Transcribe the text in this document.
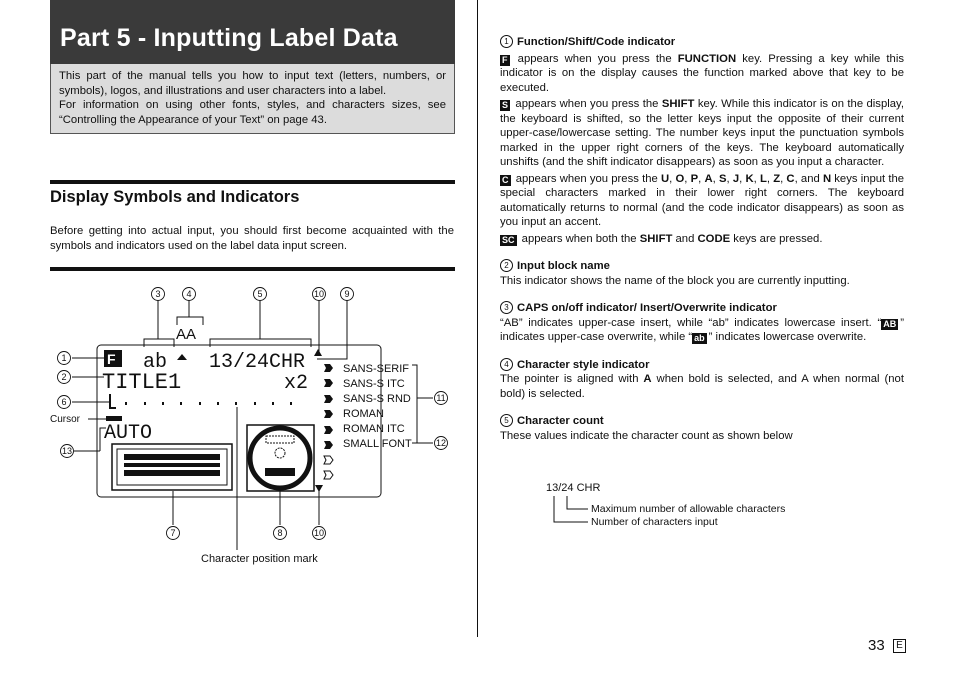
Part 5 - Inputting Label Data
This part of the manual tells you how to input text (letters, numbers, or symbols), logos, and illustrations and user characters into a label.
For information on using other fonts, styles, and characters sizes, see “Controlling the Appearance of your Text” on page 43.
Display Symbols and Indicators
Before getting into actual input, you should first become acquainted with the symbols and indicators used on the label data input screen.
F ab 13/24CHR
TITLE1	x2
AUTO
SANS-SERIF
SANS-S ITC
SANS-S RND
ROMAN
ROMAN ITC
SMALL FONT
AA
Cursor
Character position mark
3	4	5	10 9
1
2
6
13
7	8	10
11
12
1 Function/Shift/Code indicator
F appears when you press the FUNCTION key. Pressing a key while this indicator is on the display causes the function marked above that key to be executed.
S appears when you press the SHIFT key. While this indicator is on the display, the keyboard is shifted, so the letter keys input the opposite of their current upper-case/lowercase setting. The number keys input the punctuation symbols marked in the upper right corners of the keys. The keyboard automatically unshifts (and the shift indicator disappears) as soon as you input a character.
C appears when you press the U, O, P, A, S, J, K, L, Z, C, and N keys input the special characters marked in their lower right corners. The keyboard automatically returns to normal (and the code indicator disappears) as soon as you input an accent.
SC appears when both the SHIFT and CODE keys are pressed.
2 Input block name
This indicator shows the name of the block you are currently inputting.
3 CAPS on/off indicator/ Insert/Overwrite indicator
“AB” indicates upper-case insert, while “ab” indicates lowercase insert. “ AB ” indicates upper-case overwrite, while “ ab ” indicates lowercase overwrite.
4 Character style indicator
The pointer is aligned with A when bold is selected, and A when normal (not bold) is selected.
5 Character count
These values indicate the character count as shown below
13/24 CHR
Maximum number of allowable characters
Number of characters input
33	E
